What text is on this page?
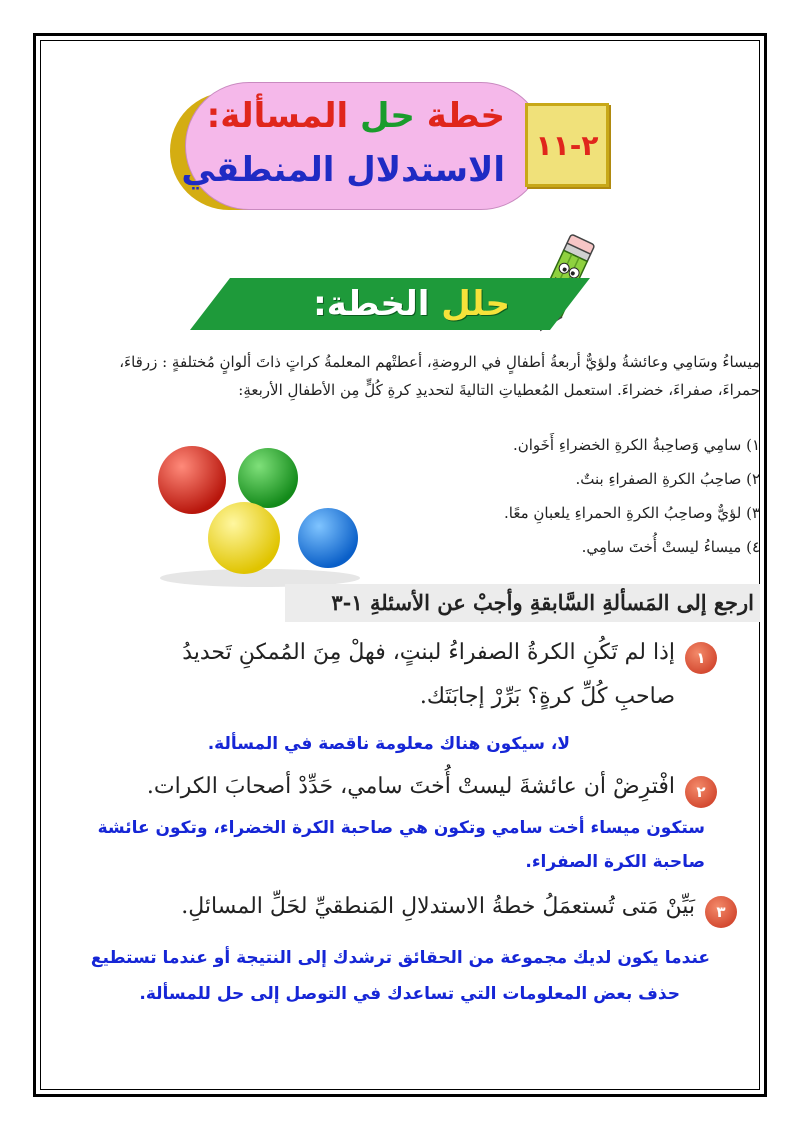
خطة حل المسألة:
الاستدلال المنطقي
٢-١١
حلل الخطة:

ميساءُ وسَامِي وعائشةُ ولؤيٌّ أربعةُ أطفالٍ في الروضةِ، أعطتْهم المعلمةُ كراتٍ ذاتَ ألوانٍ مُختلفةٍ : زرقاءَ،

حمراءَ، صفراءَ، خضراءَ. استعمل المُعطياتِ التاليةَ لتحديدِ كرةِ كُلٍّ مِن الأطفالِ الأربعةِ:

١) سامِي وَصاحِبةُ الكرةِ الخضراءِ أَخَوان.
٢) صاحِبُ الكرةِ الصفراءِ بنتٌ.
٣) لؤيٌّ وصاحِبُ الكرةِ الحمراءِ يلعبانِ معًا.
٤) ميساءُ ليستْ أُختَ سامِي.
ارجع إلى المَسألةِ السَّابقةِ وأجبْ عن الأسئلةِ ١-٣
١
إذا لم تَكُنِ الكرةُ الصفراءُ لبنتٍ، فهلْ مِنَ المُمكنِ تَحديدُ
صاحبِ كُلِّ كرةٍ؟ بَرِّرْ إجابَتَك.
لا، سيكون هناك معلومة ناقصة في المسألة.
٢
افْترِضْ أن عائشةَ ليستْ أُختَ سامي، حَدِّدْ أصحابَ الكرات.
ستكون ميساء أخت سامي وتكون هي صاحبة الكرة الخضراء، وتكون عائشة
صاحبة الكرة الصفراء.
٣
بَيِّنْ مَتى تُستعمَلُ خطةُ الاستدلالِ المَنطقيِّ لحَلِّ المسائلِ.
عندما يكون لديك مجموعة من الحقائق ترشدك إلى النتيجة أو عندما تستطيع
حذف بعض المعلومات التي تساعدك في التوصل إلى حل للمسألة.
